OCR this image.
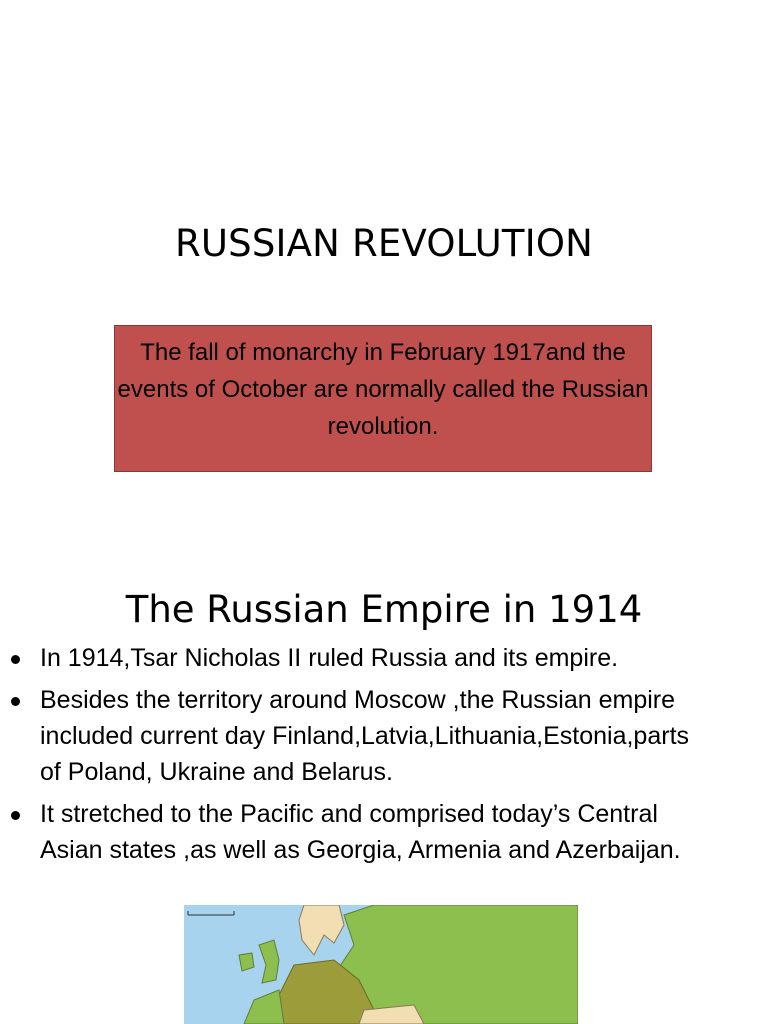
RUSSIAN REVOLUTION
The fall of monarchy in February 1917and the events of October are normally called the Russian revolution.
The Russian Empire in 1914
In 1914,Tsar Nicholas II ruled Russia and its empire.
Besides the territory around Moscow ,the Russian empire included current day Finland,Latvia,Lithuania,Estonia,parts of Poland, Ukraine and Belarus.
It stretched to the Pacific and comprised today’s Central Asian states ,as well as Georgia, Armenia and Azerbaijan.
